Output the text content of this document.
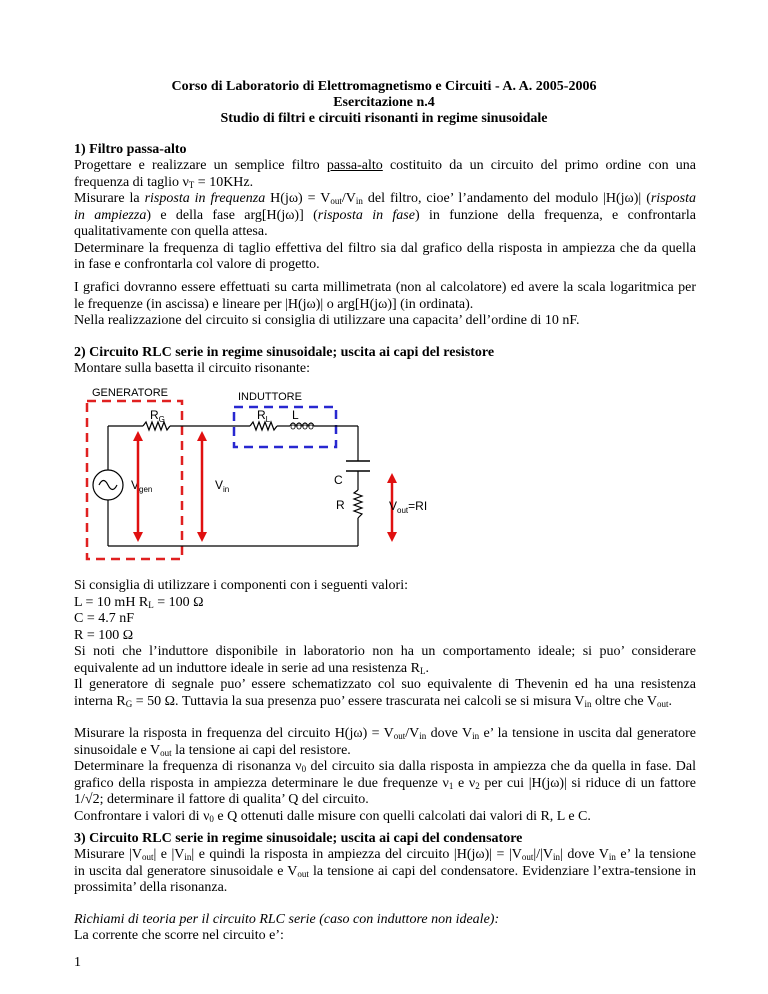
Corso di Laboratorio di Elettromagnetismo e Circuiti - A. A. 2005-2006
Esercitazione n.4
Studio di filtri e circuiti risonanti in regime sinusoidale
1) Filtro passa-alto
Progettare e realizzare un semplice filtro passa-alto costituito da un circuito del primo ordine con una
frequenza di taglio $\nu_T = 10KHz$.
Misurare la risposta in frequenza $H(j\omega) = V_{out}/V_{in}$ del filtro, cioe’ l’andamento del modulo |H(jω)| (risposta
in ampiezza) e della fase arg[H(jω)] (risposta in fase) in funzione della frequenza, e confrontarla
qualitativamente con quella attesa.
Determinare la frequenza di taglio effettiva del filtro sia dal grafico della risposta in ampiezza che da quella
in fase e confrontarla col valore di progetto.
I grafici dovranno essere effettuati su carta millimetrata (non al calcolatore) ed avere la scala logaritmica per
le frequenze (in ascissa) e lineare per |H(jω)| o arg[H(jω)] (in ordinata).
Nella realizzazione del circuito si consiglia di utilizzare una capacita’ dell’ordine di 10 nF.
2) Circuito RLC serie in regime sinusoidale; uscita ai capi del resistore
Montare sulla basetta il circuito risonante:
GENERATORE	INDUTTORE
$R_G$	$R_L$ L
C
R
$V_{gen}$	$V_{in}$
$V_{out}=RI$
Si consiglia di utilizzare i componenti con i seguenti valori:
L = 10 mH $R_L = 100$ Ω
C = 4.7 nF
R = 100 Ω
Si noti che l’induttore disponibile in laboratorio non ha un comportamento ideale; si puo’ considerare
equivalente ad un induttore ideale in serie ad una resistenza $R_L$.
Il generatore di segnale puo’ essere schematizzato col suo equivalente di Thevenin ed ha una resistenza
interna $R_G = 50$ Ω. Tuttavia la sua presenza puo’ essere trascurata nei calcoli se si misura $V_{in}$ oltre che $V_{out}$.
Misurare la risposta in frequenza del circuito $H(j\omega) = V_{out}/V_{in}$ dove $V_{in}$ e’ la tensione in uscita dal generatore
sinusoidale e $V_{out}$ la tensione ai capi del resistore.
Determinare la frequenza di risonanza $\nu_0$ del circuito sia dalla risposta in ampiezza che da quella in fase. Dal
grafico della risposta in ampiezza determinare le due frequenze $\nu_1$ e $\nu_2$ per cui |H(jω)| si riduce di un fattore
1/√2; determinare il fattore di qualita’ Q del circuito.
Confrontare i valori di $\nu_0$ e Q ottenuti dalle misure con quelli calcolati dai valori di R, L e C.
3) Circuito RLC serie in regime sinusoidale; uscita ai capi del condensatore
Misurare $|V_{out}|$ e $|V_{in}|$ e quindi la risposta in ampiezza del circuito $|H(j\omega)| = |V_{out}|/|V_{in}|$ dove $V_{in}$ e’ la tensione
in uscita dal generatore sinusoidale e $V_{out}$ la tensione ai capi del condensatore. Evidenziare l’extra-tensione in
prossimita’ della risonanza.
Richiami di teoria per il circuito RLC serie (caso con induttore non ideale):
La corrente che scorre nel circuito e’:
1
